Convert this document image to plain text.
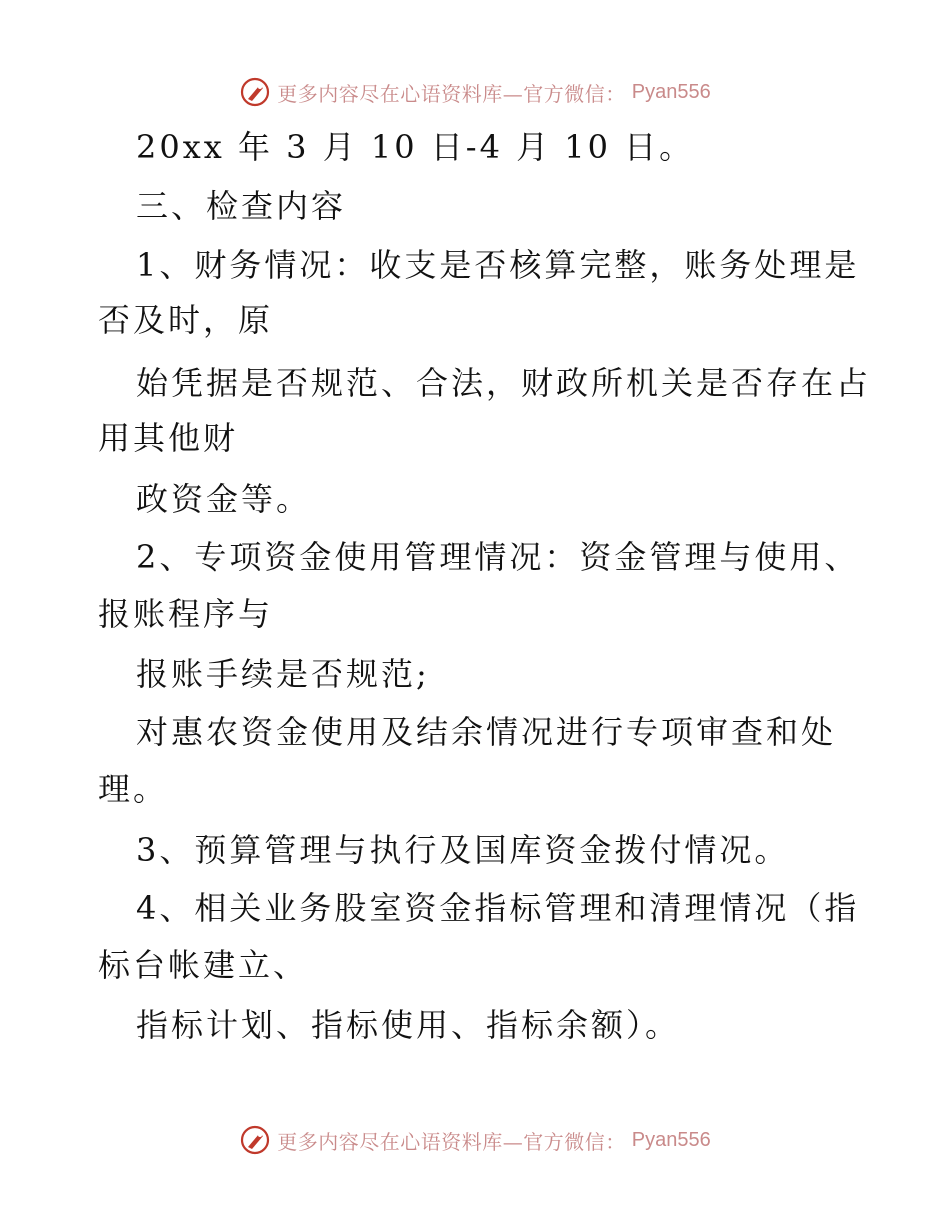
更多内容尽在心语资料库—官方微信： Pyan556
20xx 年 3 月 10 日-4 月 10 日。
三、检查内容
1、财务情况：收支是否核算完整，账务处理是
否及时，原
始凭据是否规范、合法，财政所机关是否存在占
用其他财
政资金等。
2、专项资金使用管理情况：资金管理与使用、
报账程序与
报账手续是否规范;
对惠农资金使用及结余情况进行专项审查和处
理。
3、预算管理与执行及国库资金拨付情况。
4、相关业务股室资金指标管理和清理情况（指
标台帐建立、
指标计划、指标使用、指标余额）。
更多内容尽在心语资料库—官方微信： Pyan556
